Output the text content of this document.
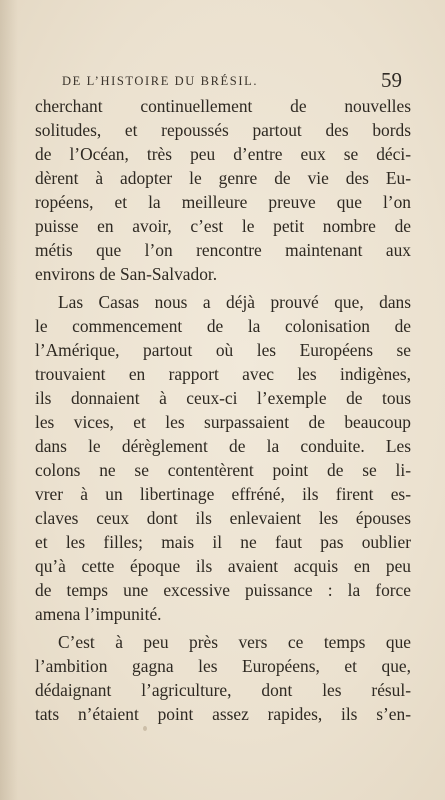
DE L’HISTOIRE DU BRÉSIL.	59
cherchant continuellement de nouvelles
solitudes, et repoussés partout des bords
de l’Océan, très peu d’entre eux se déci-
dèrent à adopter le genre de vie des Eu-
ropéens, et la meilleure preuve que l’on
puisse en avoir, c’est le petit nombre de
métis que l’on rencontre maintenant aux
environs de San-Salvador.
Las Casas nous a déjà prouvé que, dans
le commencement de la colonisation de
l’Amérique, partout où les Européens se
trouvaient en rapport avec les indigènes,
ils donnaient à ceux-ci l’exemple de tous
les vices, et les surpassaient de beaucoup
dans le dérèglement de la conduite. Les
colons ne se contentèrent point de se li-
vrer à un libertinage effréné, ils firent es-
claves ceux dont ils enlevaient les épouses
et les filles; mais il ne faut pas oublier
qu’à cette époque ils avaient acquis en peu
de temps une excessive puissance : la force
amena l’impunité.
C’est à peu près vers ce temps que
l’ambition gagna les Européens, et que,
dédaignant l’agriculture, dont les résul-
tats n’étaient point assez rapides, ils s’en-
